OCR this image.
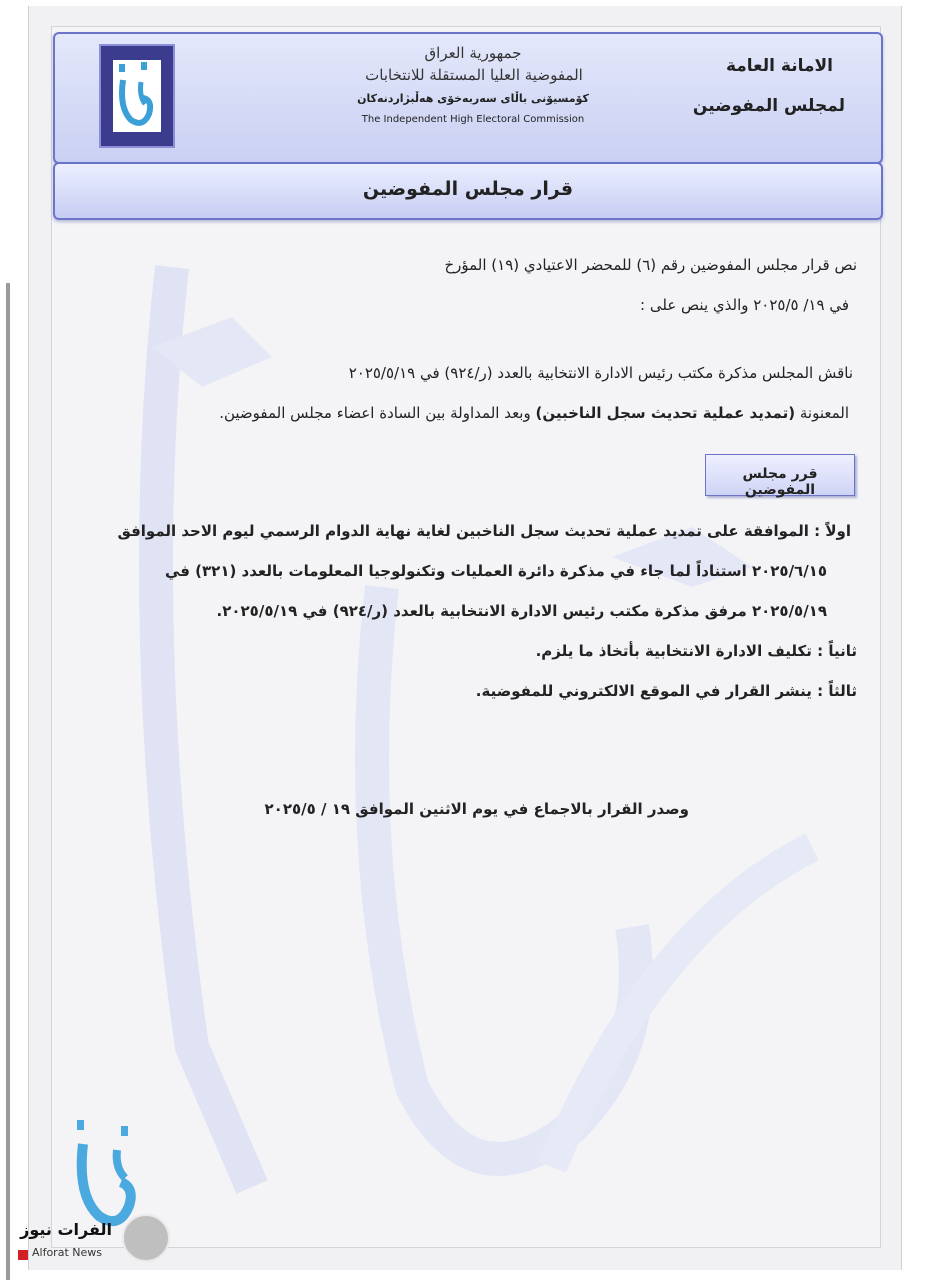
جمهورية العراق
المفوضية العليا المستقلة للانتخابات
كۆمسیۆنی باڵای سەربەخۆی هەڵبژاردنەکان
The Independent High Electoral Commission
الامانة العامة
لمجلس المفوضين
قرار مجلس المفوضين
نص قرار مجلس المفوضين رقم (٦) للمحضر الاعتيادي (١٩) المؤرخ
في ١٩/ ٢٠٢٥/٥ والذي ينص على :
ناقش المجلس مذكرة مكتب رئيس الادارة الانتخابية بالعدد (ر/٩٢٤) في ٢٠٢٥/٥/١٩
المعنونة (تمديد عملية تحديث سجل الناخبين) وبعد المداولة بين السادة اعضاء مجلس المفوضين.
قرر مجلس المفوضين
اولاً : الموافقة على تمديد عملية تحديث سجل الناخبين لغاية نهاية الدوام الرسمي ليوم الاحد الموافق
٢٠٢٥/٦/١٥ استناداً لما جاء في مذكرة دائرة العمليات وتكنولوجيا المعلومات بالعدد (٣٢١) في
٢٠٢٥/٥/١٩ مرفق مذكرة مكتب رئيس الادارة الانتخابية بالعدد (ر/٩٢٤) في ٢٠٢٥/٥/١٩.
ثانياً : تكليف الادارة الانتخابية بأتخاذ ما يلزم.
ثالثاً : ينشر القرار في الموقع الالكتروني للمفوضية.
وصدر القرار بالاجماع في يوم الاثنين الموافق ١٩ / ٢٠٢٥/٥
الفرات نيوز
Alforat News
